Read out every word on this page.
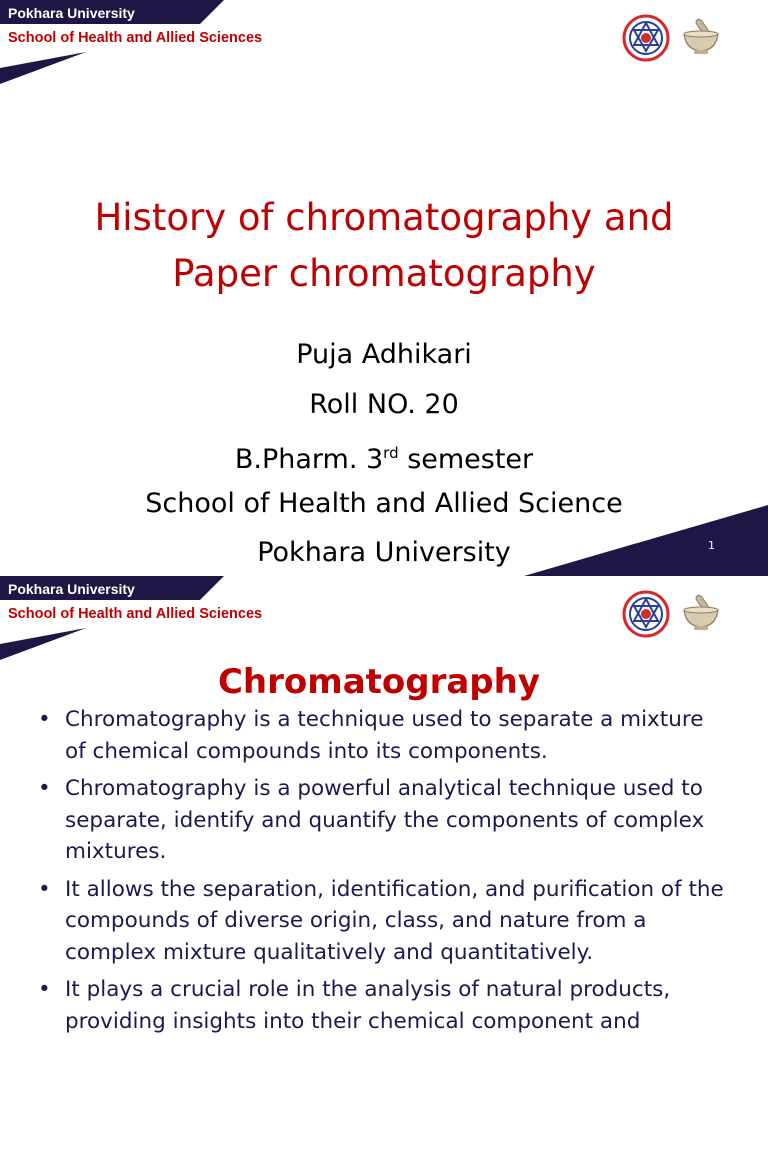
Pokhara University
School of Health and Allied Sciences
History of chromatography and
Paper chromatography
Puja Adhikari
Roll NO. 20
B.Pharm. 3rd semester
School of Health and Allied Science
Pokhara University	1
Pokhara University
School of Health and Allied Sciences
Chromatography
• Chromatography is a technique used to separate a mixture of chemical compounds into its components.
• Chromatography is a powerful analytical technique used to separate, identify and quantify the components of complex mixtures.
• It allows the separation, identification, and purification of the compounds of diverse origin, class, and nature from a complex mixture qualitatively and quantitatively.
• It plays a crucial role in the analysis of natural products, providing insights into their chemical component and
